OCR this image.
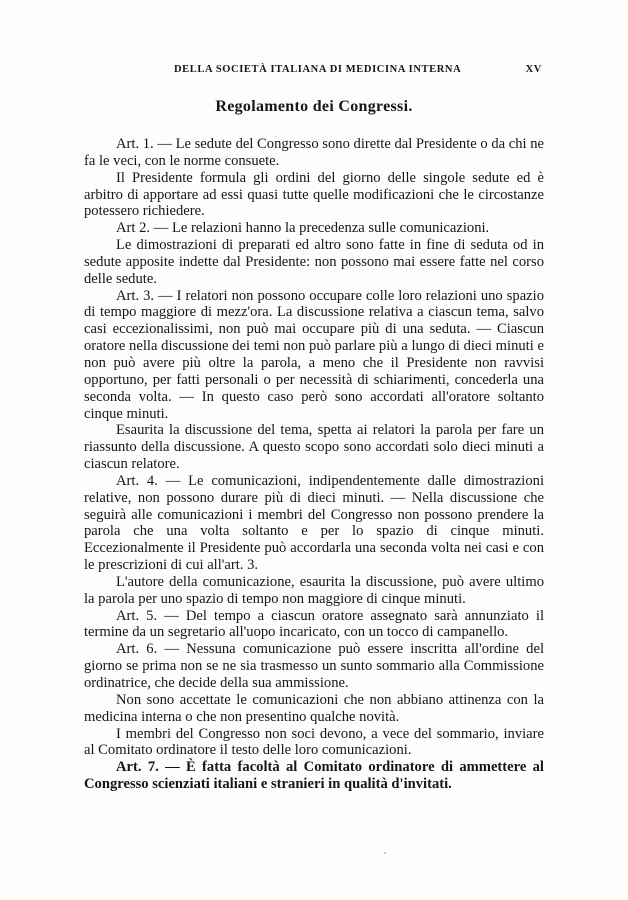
DELLA SOCIETÀ ITALIANA DI MEDICINA INTERNA	XV
Regolamento dei Congressi.

Art. 1. — Le sedute del Congresso sono dirette dal Presidente o da chi ne fa le veci, con le norme consuete.

Il Presidente formula gli ordini del giorno delle singole sedute ed è arbitro di apportare ad essi quasi tutte quelle modificazioni che le circostanze potessero richiedere.

Art 2. — Le relazioni hanno la precedenza sulle comunicazioni.

Le dimostrazioni di preparati ed altro sono fatte in fine di seduta od in sedute apposite indette dal Presidente: non possono mai essere fatte nel corso delle sedute.

Art. 3. — I relatori non possono occupare colle loro relazioni uno spazio di tempo maggiore di mezz'ora. La discussione relativa a ciascun tema, salvo casi eccezionalissimi, non può mai occupare più di una seduta. — Ciascun oratore nella discussione dei temi non può parlare più a lungo di dieci minuti e non può avere più oltre la parola, a meno che il Presidente non ravvisi opportuno, per fatti personali o per necessità di schiarimenti, concederla una seconda volta. — In questo caso però sono accordati all'oratore soltanto cinque minuti.

Esaurita la discussione del tema, spetta ai relatori la parola per fare un riassunto della discussione. A questo scopo sono accordati solo dieci minuti a ciascun relatore.

Art. 4. — Le comunicazioni, indipendentemente dalle dimostrazioni relative, non possono durare più di dieci minuti. — Nella discussione che seguirà alle comunicazioni i membri del Congresso non possono prendere la parola che una volta soltanto e per lo spazio di cinque minuti. Eccezionalmente il Presidente può accordarla una seconda volta nei casi e con le prescrizioni di cui all'art. 3.

L'autore della comunicazione, esaurita la discussione, può avere ultimo la parola per uno spazio di tempo non maggiore di cinque minuti.

Art. 5. — Del tempo a ciascun oratore assegnato sarà annunziato il termine da un segretario all'uopo incaricato, con un tocco di campanello.

Art. 6. — Nessuna comunicazione può essere inscritta all'ordine del giorno se prima non se ne sia trasmesso un sunto sommario alla Commissione ordinatrice, che decide della sua ammissione.

Non sono accettate le comunicazioni che non abbiano attinenza con la medicina interna o che non presentino qualche novità.

I membri del Congresso non soci devono, a vece del sommario, inviare al Comitato ordinatore il testo delle loro comunicazioni.

Art. 7. — È fatta facoltà al Comitato ordinatore di ammettere al Congresso scienziati italiani e stranieri in qualità d'invitati.
